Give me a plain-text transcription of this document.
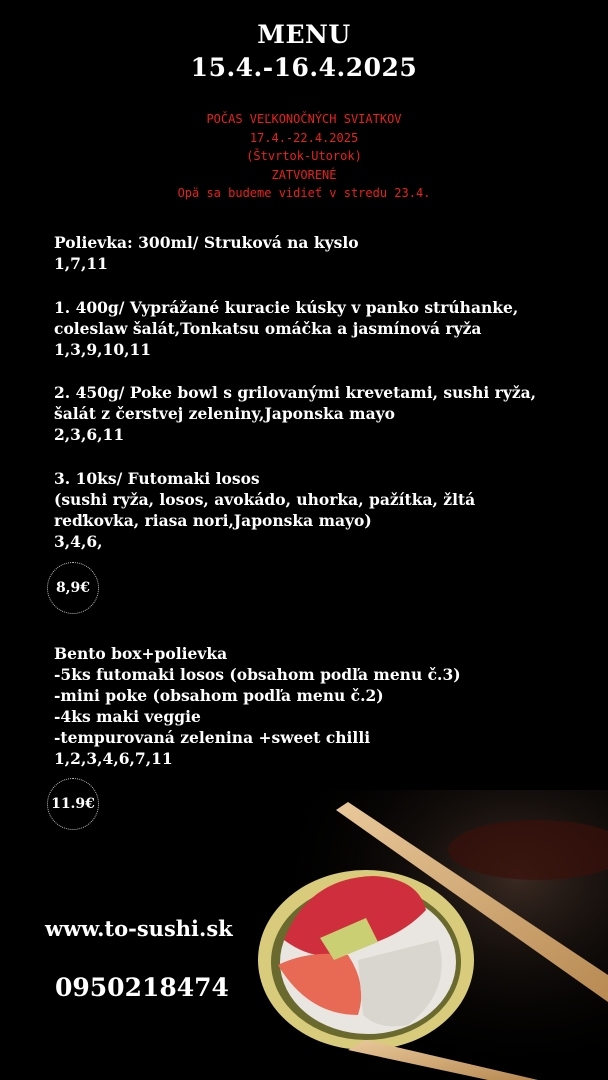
MENU
15.4.-16.4.2025
POČAS VEĽKONOČNÝCH SVIATKOV
17.4.-22.4.2025
(Štvrtok-Utorok)
ZATVORENÉ
Opä sa budeme vidieť v stredu 23.4.
Polievka: 300ml/ Struková na kyslo
1,7,11
1. 400g/ Vyprážané kuracie kúsky v panko strúhanke,
coleslaw šalát,Tonkatsu omáčka a jasmínová ryža
1,3,9,10,11
2. 450g/ Poke bowl s grilovanými krevetami, sushi ryža,
šalát z čerstvej zeleniny,Japonska mayo
2,3,6,11
3. 10ks/ Futomaki losos
(sushi ryža, losos, avokádo, uhorka, pažítka, žltá
reďkovka, riasa nori,Japonska mayo)
3,4,6,
8,9€
Bento box+polievka
-5ks futomaki losos (obsahom podľa menu č.3)
-mini poke (obsahom podľa menu č.2)
-4ks maki veggie
-tempurovaná zelenina +sweet chilli
1,2,3,4,6,7,11
11.9€
www.to-sushi.sk
0950218474
